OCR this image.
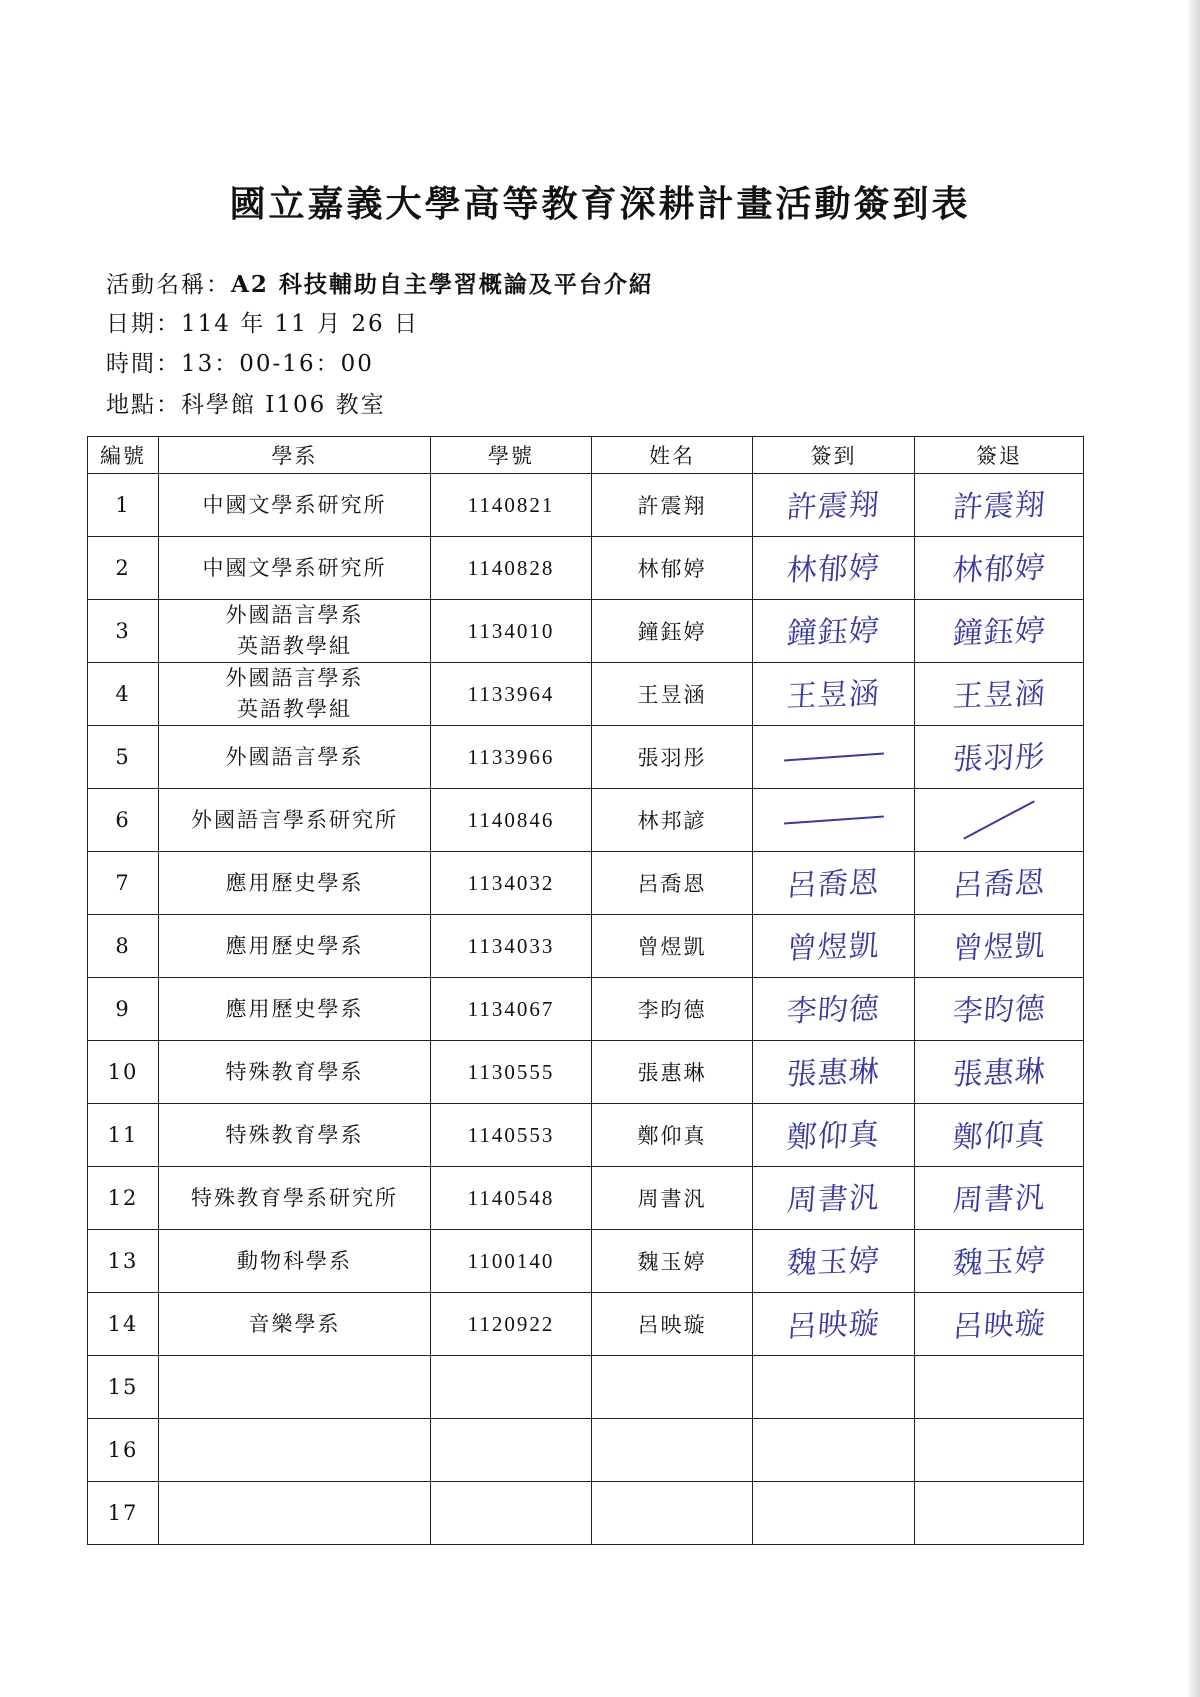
國立嘉義大學高等教育深耕計畫活動簽到表
活動名稱：A2 科技輔助自主學習概論及平台介紹
日期：114 年 11 月 26 日
時間：13：00-16：00
地點：科學館 I106 教室
編號	學系	學號	姓名	簽到	簽退
1	中國文學系研究所	1140821	許震翔	許震翔	許震翔
2	中國文學系研究所	1140828	林郁婷	林郁婷	林郁婷
3	外國語言學系
英語教學組	1134010	鐘鈺婷	鐘鈺婷	鐘鈺婷
4	外國語言學系
英語教學組	1133964	王昱涵	王昱涵	王昱涵
5	外國語言學系	1133966	張羽彤		張羽彤
6	外國語言學系研究所	1140846	林邦諺	

7	應用歷史學系	1134032	呂喬恩	呂喬恩	呂喬恩
8	應用歷史學系	1134033	曾煜凱	曾煜凱	曾煜凱
9	應用歷史學系	1134067	李昀德	李昀德	李昀德
10	特殊教育學系	1130555	張惠琳	張惠琳	張惠琳
11	特殊教育學系	1140553	鄭仰真	鄭仰真	鄭仰真
12	特殊教育學系研究所	1140548	周書汎	周書汎	周書汎
13	動物科學系	1100140	魏玉婷	魏玉婷	魏玉婷
14	音樂學系	1120922	呂映璇	呂映璇	呂映璇
15	

16	

17	
